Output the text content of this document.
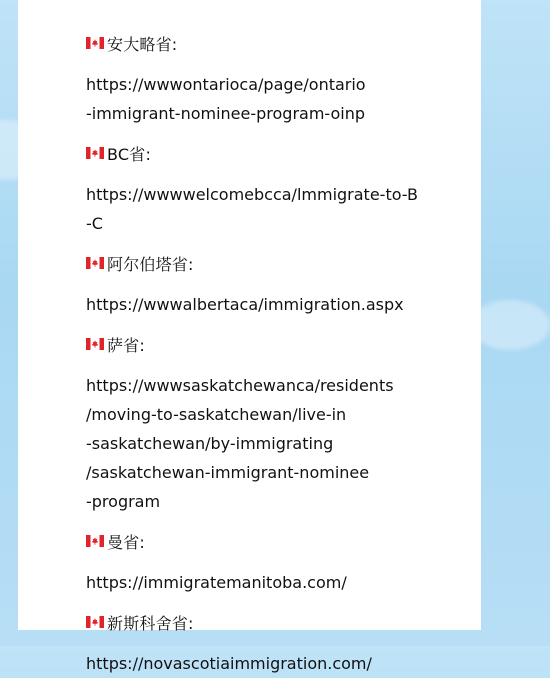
安大略省:

https://wwwontarioca/page/ontario

-immigrant-nominee-program-oinp

BC省:

https://wwwwelcomebcca/lmmigrate-to-B

-C

阿尔伯塔省:

https://wwwalbertaca/immigration.aspx

萨省:

https://wwwsaskatchewanca/residents

/moving-to-saskatchewan/live-in

-saskatchewan/by-immigrating

/saskatchewan-immigrant-nominee

-program

曼省:

https://immigratemanitoba.com/

新斯科舍省:

https://novascotiaimmigration.com/
